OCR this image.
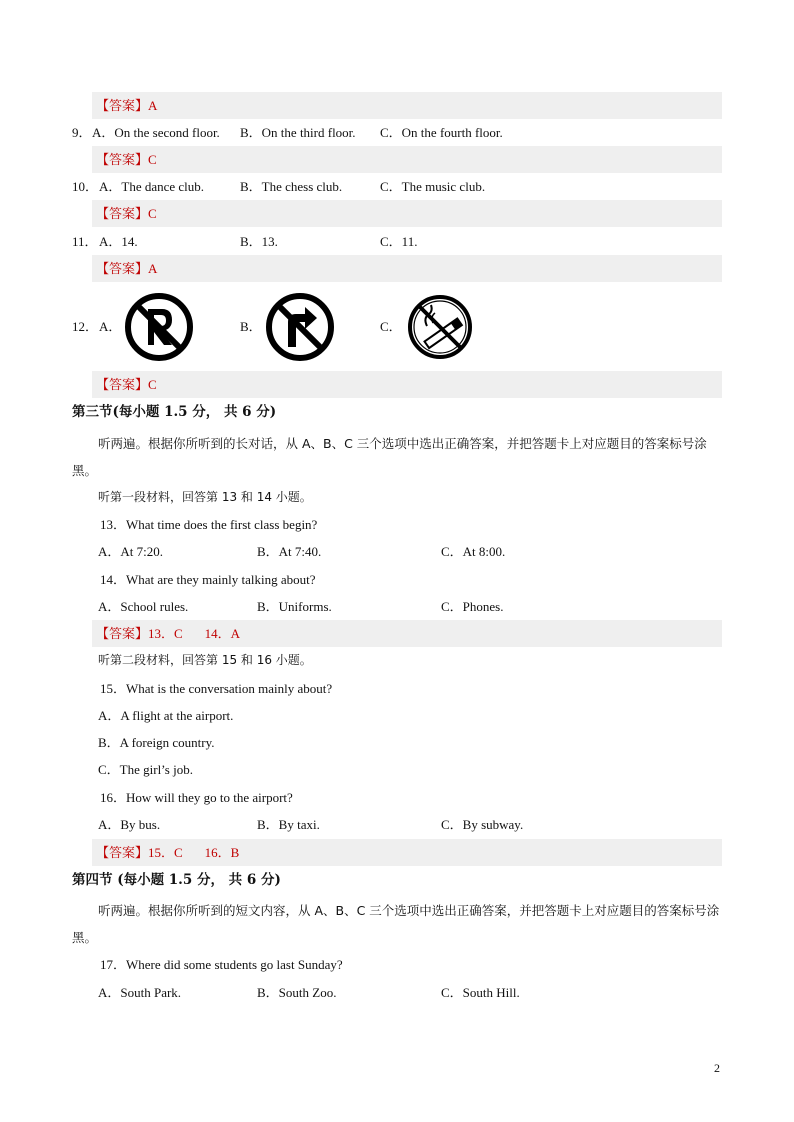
【答案】A
9． A．On the second floor. B．On the third floor. C．On the fourth floor.
【答案】C
10． A．The dance club.	B．The chess club.	C．The music club.
【答案】C
11． A．14.	B．13.	C．11.
【答案】A
12． A．	B．	C．
【答案】C
第三节(每小题 1.5 分， 共 6 分)
听两遍。根据你所听到的长对话，从 A、B、C 三个选项中选出正确答案，并把答题卡上对应题目的答案标号涂黑。
听第一段材料，回答第 13 和 14 小题。
13．What time does the first class begin?
A．At 7:20.	B．At 7:40.	C．At 8:00.
14．What are they mainly talking about?
A．School rules.	B．Uniforms.	C．Phones.
【答案】13．C 14．A
听第二段材料，回答第 15 和 16 小题。
15．What is the conversation mainly about?
A．A flight at the airport.
B．A foreign country.
C．The girl’s job.
16．How will they go to the airport?
A．By bus.	B．By taxi.	C．By subway.
【答案】15．C 16．B
第四节 (每小题 1.5 分， 共 6 分)
听两遍。根据你所听到的短文内容，从 A、B、C 三个选项中选出正确答案，并把答题卡上对应题目的答案标号涂黑。
17．Where did some students go last Sunday?
A．South Park.	B．South Zoo.	C．South Hill.
2
